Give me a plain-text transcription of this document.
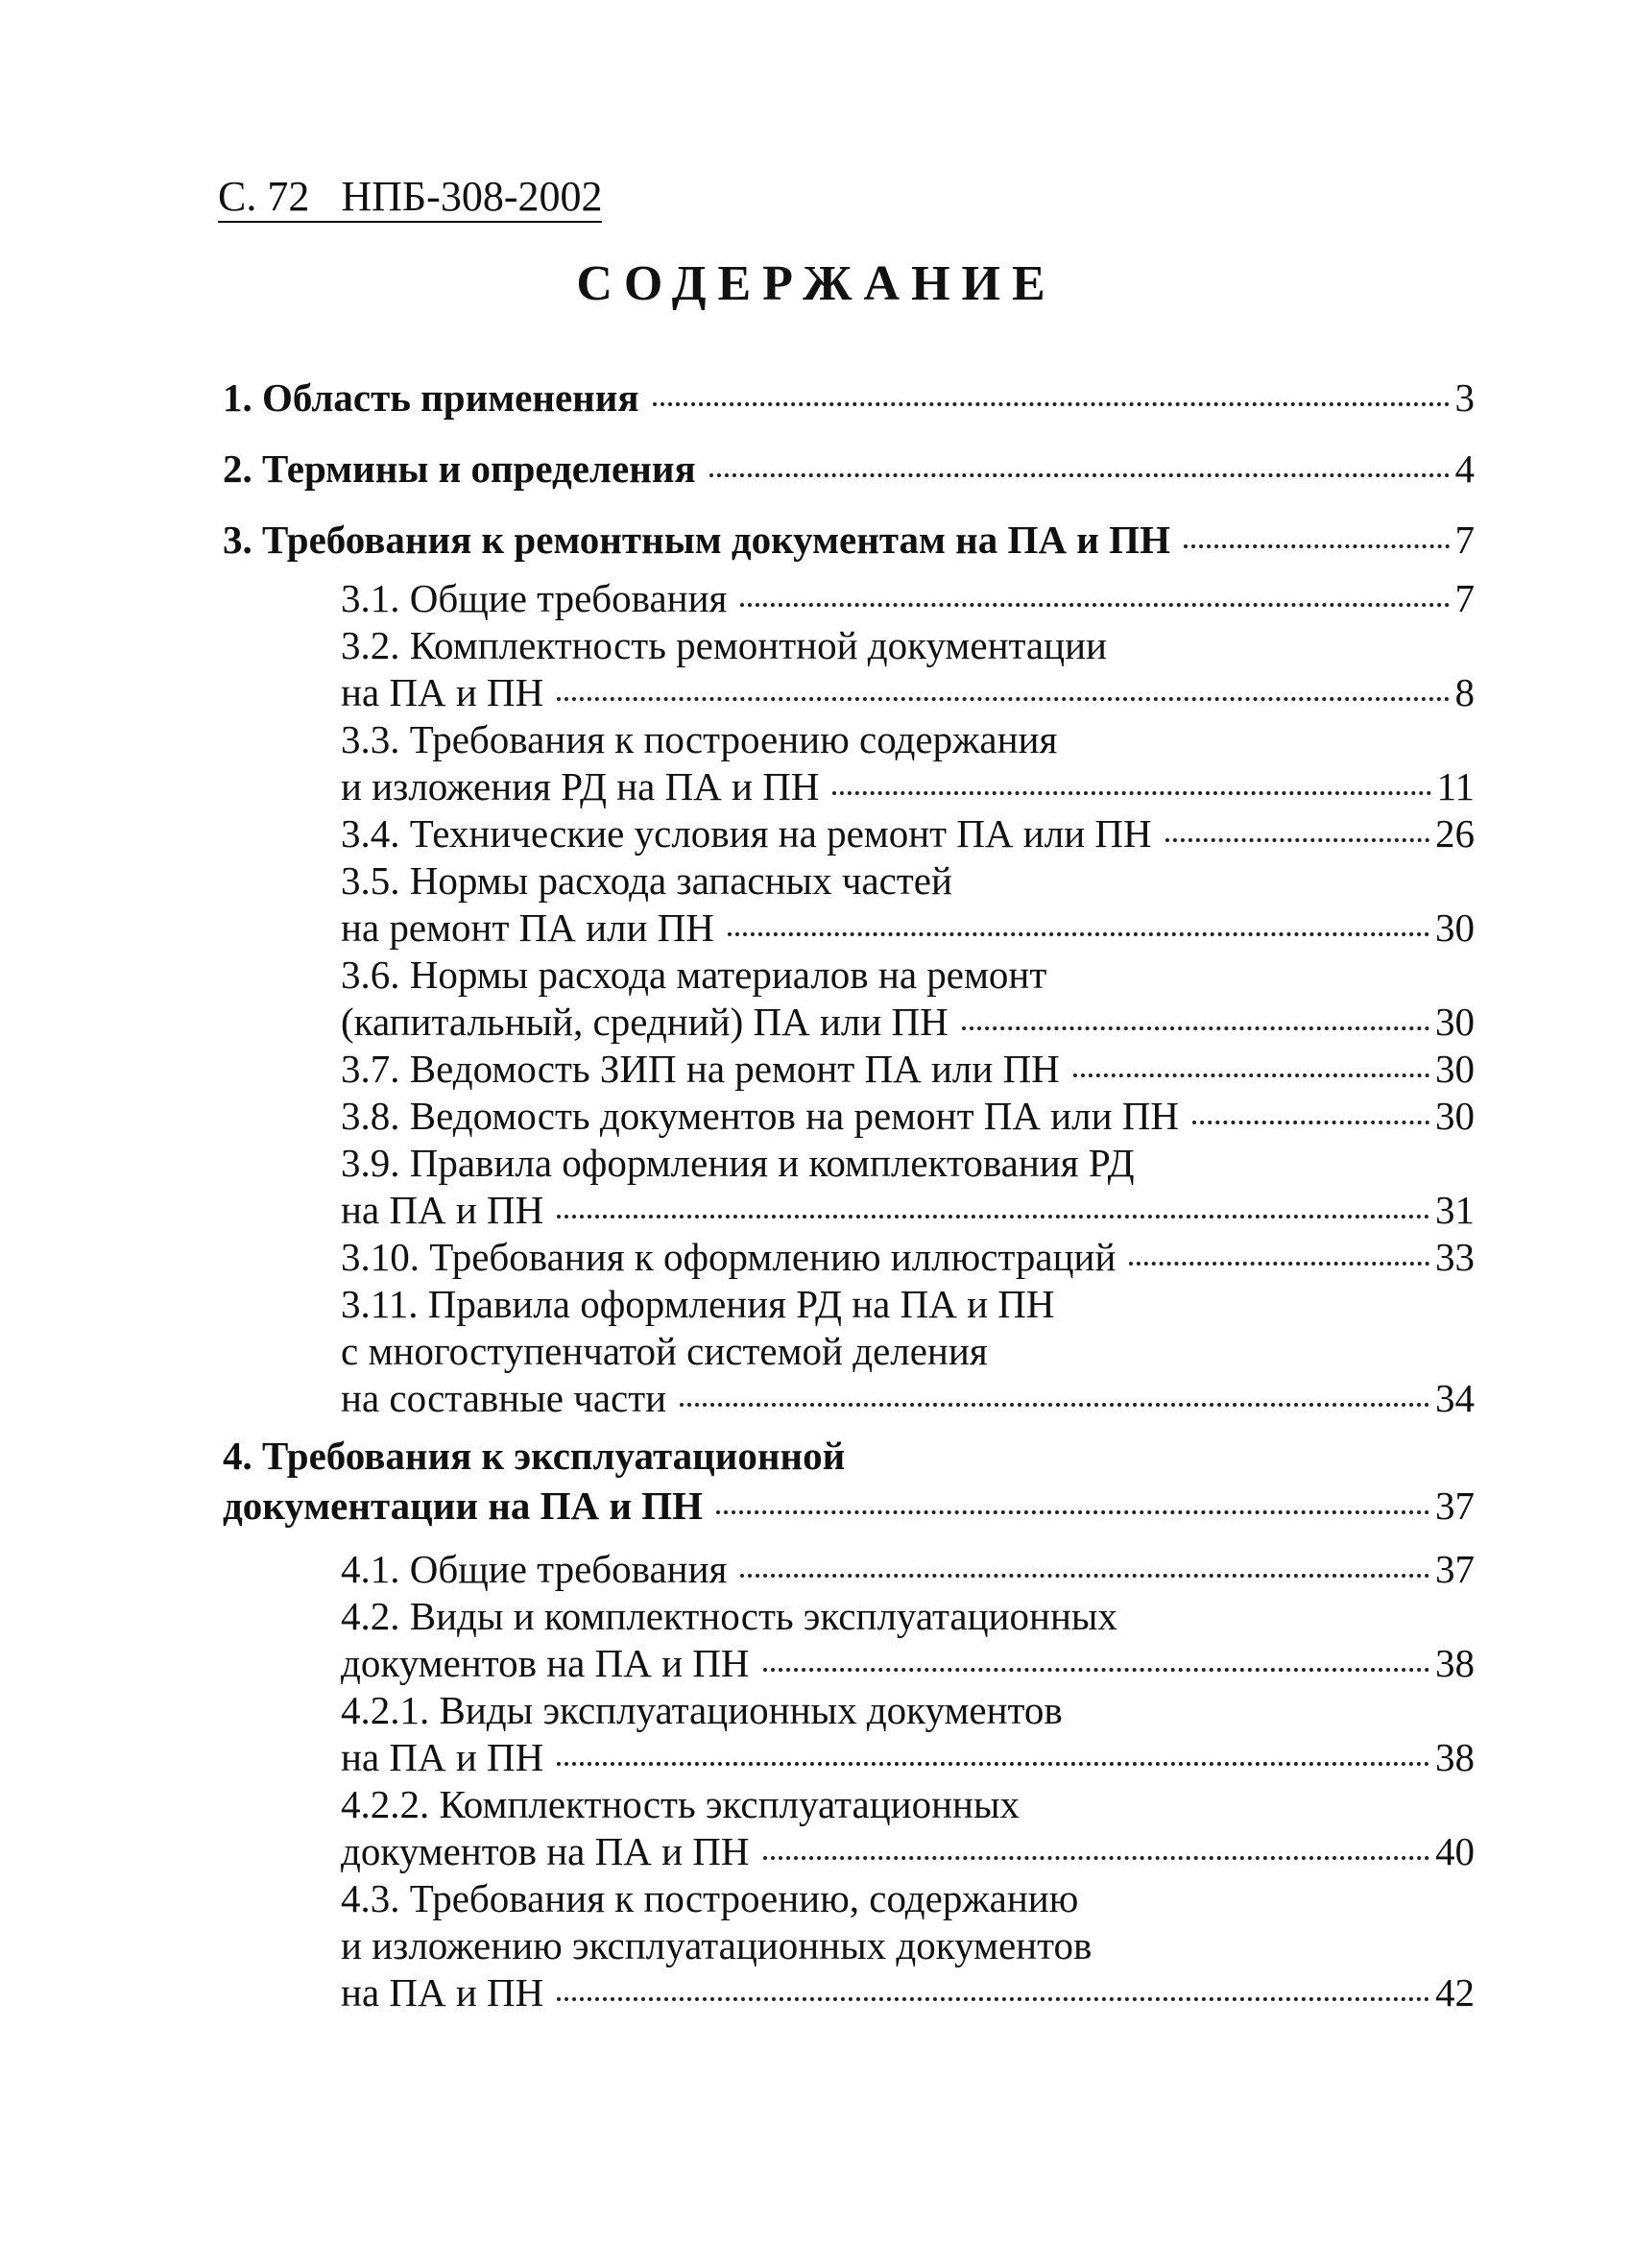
С. 72 НПБ-308-2002
СОДЕРЖАНИЕ
1. Область применения	3
2. Термины и определения	4
3. Требования к ремонтным документам на ПА и ПН	7
3.1. Общие требования	7
3.2. Комплектность ремонтной документации
на ПА и ПН	8
3.3. Требования к построению содержания
и изложения РД на ПА и ПН	11
3.4. Технические условия на ремонт ПА или ПН	26
3.5. Нормы расхода запасных частей
на ремонт ПА или ПН	30
3.6. Нормы расхода материалов на ремонт
(капитальный, средний) ПА или ПН	30
3.7. Ведомость ЗИП на ремонт ПА или ПН	30
3.8. Ведомость документов на ремонт ПА или ПН	30
3.9. Правила оформления и комплектования РД
на ПА и ПН	31
3.10. Требования к оформлению иллюстраций	33
3.11. Правила оформления РД на ПА и ПН
с многоступенчатой системой деления
на составные части	34
4. Требования к эксплуатационной
документации на ПА и ПН	37
4.1. Общие требования	37
4.2. Виды и комплектность эксплуатационных
документов на ПА и ПН	38
4.2.1. Виды эксплуатационных документов
на ПА и ПН	38
4.2.2. Комплектность эксплуатационных
документов на ПА и ПН	40
4.3. Требования к построению, содержанию
и изложению эксплуатационных документов
на ПА и ПН	42
